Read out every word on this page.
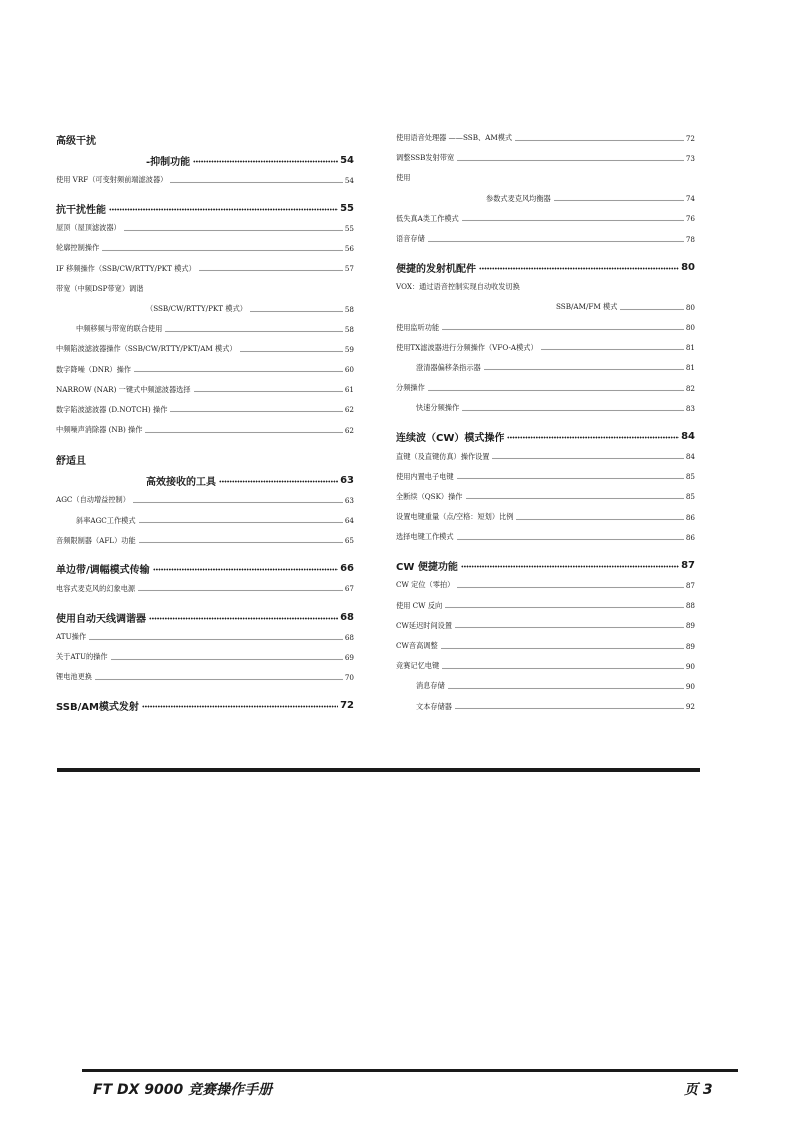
高级干扰
-抑制功能	54
使用 VRF（可变射频前端滤波器）	54
抗干扰性能	55
屋顶（屋顶滤波器）	55
轮廓控制操作	56
IF 移频操作（SSB/CW/RTTY/PKT 模式）	57
带宽（中频DSP带宽）调谐
（SSB/CW/RTTY/PKT 模式）	58
中频移频与带宽的联合使用	58
中频陷波滤波器操作（SSB/CW/RTTY/PKT/AM 模式）	59
数字降噪（DNR）操作	60
NARROW (NAR) 一键式中频滤波器选择	61
数字陷波滤波器 (D.NOTCH) 操作	62
中频噪声消除器 (NB) 操作	62
舒适且
高效接收的工具	63
AGC（自动增益控制）	63
斜率AGC工作模式	64
音频限制器（AFL）功能	65
单边带/调幅模式传输	66
电容式麦克风的幻象电源	67
使用自动天线调谐器	68
ATU操作	68
关于ATU的操作	69
锂电池更换	70
SSB/AM模式发射	72
使用语音处理器 ——SSB、AM模式	72
调整SSB发射带宽	73
使用
参数式麦克风均衡器	74
低失真A类工作模式	76
语音存储	78
便捷的发射机配件	80
VOX：通过语音控制实现自动收发切换
SSB/AM/FM 模式	80
使用监听功能	80
使用TX滤波器进行分频操作（VFO-A模式）	81
澄清器偏移条指示器	81
分频操作	82
快速分频操作	83
连续波（CW）模式操作	84
直键（及直键仿真）操作设置	84
使用内置电子电键	85
全断续（QSK）操作	85
设置电键重量（点/空格：短划）比例	86
选择电键工作模式	86
CW 便捷功能	87
CW 定位（零拍）	87
使用 CW 反向	88
CW延迟时间设置	89
CW音高调整	89
竞赛记忆电键	90
消息存储	90
文本存储器	92
FT DX 9000 竞赛操作手册	页 3
